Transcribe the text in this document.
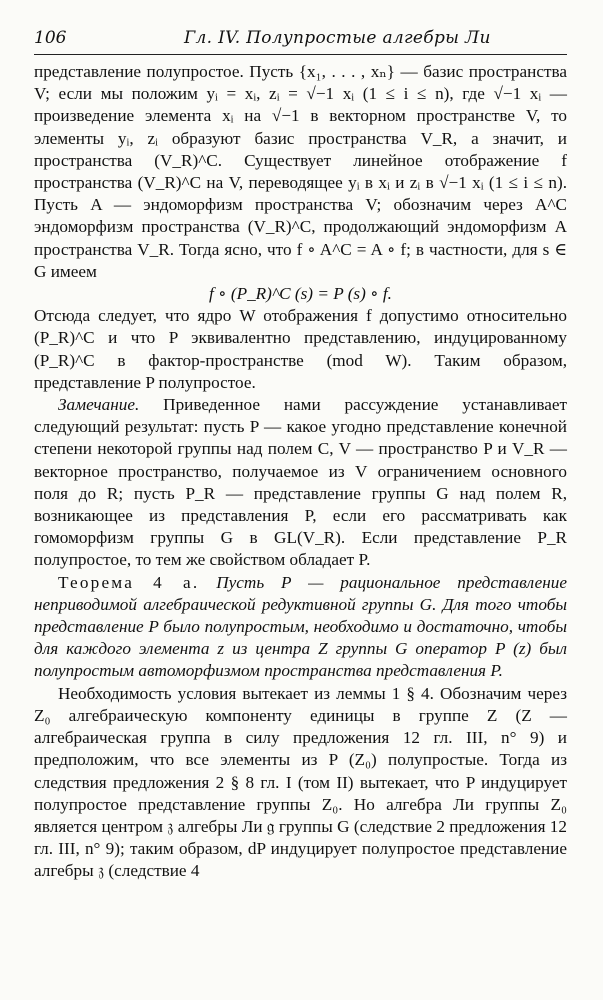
106	Гл. IV. Полупростые алгебры Ли

представление полупростое. Пусть {x₁, . . . , xₙ} — базис пространства V; если мы положим yᵢ = xᵢ, zᵢ = √−1 xᵢ (1 ≤ i ≤ n), где √−1 xᵢ — произведение элемента xᵢ на √−1 в векторном пространстве V, то элементы yᵢ, zᵢ образуют базис пространства V_R, а значит, и пространства (V_R)^C. Существует линейное отображение f пространства (V_R)^C на V, переводящее yᵢ в xᵢ и zᵢ в √−1 xᵢ (1 ≤ i ≤ n). Пусть A — эндоморфизм пространства V; обозначим через A^C эндоморфизм пространства (V_R)^C, продолжающий эндоморфизм A пространства V_R. Тогда ясно, что f ∘ A^C = A ∘ f; в частности, для s ∈ G имеем

f ∘ (P_R)^C (s) = P (s) ∘ f.

Отсюда следует, что ядро W отображения f допустимо относительно (P_R)^C и что P эквивалентно представлению, индуцированному (P_R)^C в фактор-пространстве (mod W). Таким образом, представление P полупростое.

Замечание. Приведенное нами рассуждение устанавливает следующий результат: пусть P — какое угодно представление конечной степени некоторой группы над полем C, V — пространство P и V_R — векторное пространство, получаемое из V ограничением основного поля до R; пусть P_R — представление группы G над полем R, возникающее из представления P, если его рассматривать как гомоморфизм группы G в GL(V_R). Если представление P_R полупростое, то тем же свойством обладает P.

Теорема 4 а. Пусть P — рациональное представление неприводимой алгебраической редуктивной группы G. Для того чтобы представление P было полупростым, необходимо и достаточно, чтобы для каждого элемента z из центра Z группы G оператор P (z) был полупростым автоморфизмом пространства представления P.

Необходимость условия вытекает из леммы 1 § 4. Обозначим через Z₀ алгебраическую компоненту единицы в группе Z (Z — алгебраическая группа в силу предложения 12 гл. III, n° 9) и предположим, что все элементы из P (Z₀) полупростые. Тогда из следствия предложения 2 § 8 гл. I (том II) вытекает, что P индуцирует полупростое представление группы Z₀. Но алгебра Ли группы Z₀ является центром 𝔷 алгебры Ли 𝔤 группы G (следствие 2 предложения 12 гл. III, n° 9); таким образом, dP индуцирует полупростое представление алгебры 𝔷 (следствие 4
